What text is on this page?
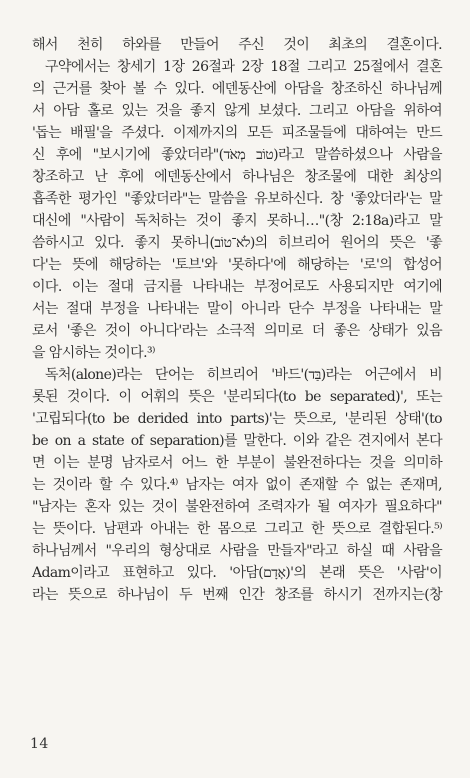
해서 천히 하와를 만들어 주신 것이 최초의 결혼이다.
구약에서는 창세기 1장 26절과 2장 18절 그리고 25절에서 결혼
의 근거를 찾아 볼 수 있다. 에덴동산에 아담을 창조하신 하나님께
서 아담 홀로 있는 것을 좋지 않게 보셨다. 그리고 아담을 위하여
'돕는 배필'을 주셨다. 이제까지의 모든 피조물들에 대하여는 만드
신 후에 "보시기에 좋았더라"(טוֹב מְאֹד)라고 말씀하셨으나 사람을
창조하고 난 후에 에덴동산에서 하나님은 창조물에 대한 최상의
흡족한 평가인 "좋았더라"는 말씀을 유보하신다. 창 '좋았더라'는 말
대신에 "사람이 독처하는 것이 좋지 못하니…"(창 2:18a)라고 말
씀하시고 있다. 좋지 못하니(לֹא־טוֹב)의 히브리어 원어의 뜻은 '좋
다'는 뜻에 해당하는 '토브'와 '못하다'에 해당하는 '로'의 합성어
이다. 이는 절대 금지를 나타내는 부정어로도 사용되지만 여기에
서는 절대 부정을 나타내는 말이 아니라 단수 부정을 나타내는 말
로서 '좋은 것이 아니다'라는 소극적 의미로 더 좋은 상태가 있음
을 암시하는 것이다.³⁾
독처(alone)라는 단어는 히브리어 '바드'(בַּד)라는 어근에서 비
롯된 것이다. 이 어휘의 뜻은 '분리되다(to be separated)', 또는
'고립되다(to be derided into parts)'는 뜻으로, '분리된 상태'(to
be on a state of separation)를 말한다. 이와 같은 견지에서 본다
면 이는 분명 남자로서 어느 한 부분이 불완전하다는 것을 의미하
는 것이라 할 수 있다.⁴⁾ 남자는 여자 없이 존재할 수 없는 존재며,
"남자는 혼자 있는 것이 불완전하여 조력자가 될 여자가 필요하다"
는 뜻이다. 남편과 아내는 한 몸으로 그리고 한 뜻으로 결합된다.⁵⁾
하나님께서 "우리의 형상대로 사람을 만들자"라고 하실 때 사람을
Adam이라고 표현하고 있다. '아담(אָדָם)'의 본래 뜻은 '사람'이
라는 뜻으로 하나님이 두 번째 인간 창조를 하시기 전까지는(창
14
